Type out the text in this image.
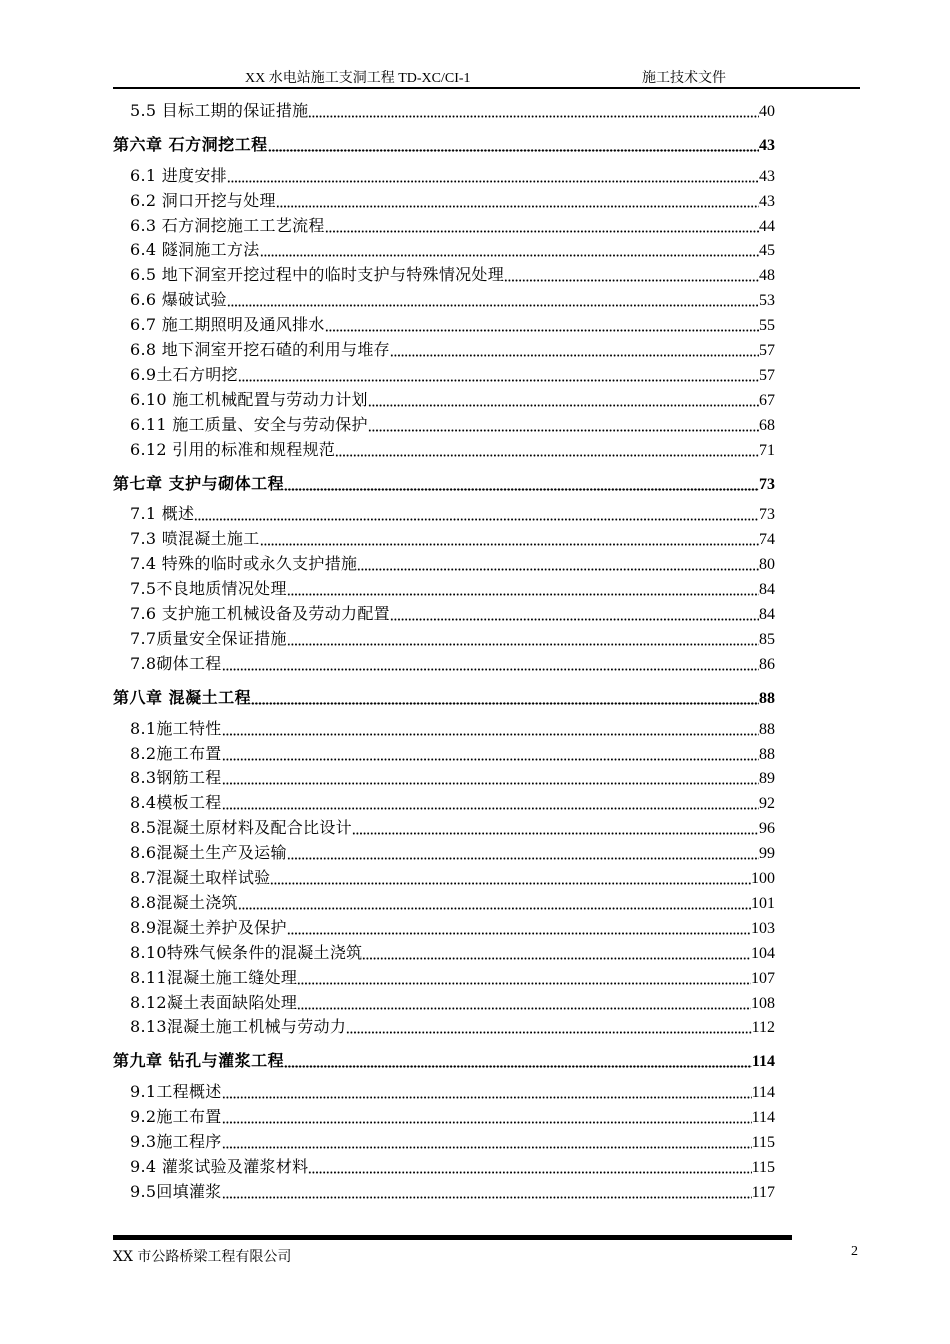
XX 水电站施工支洞工程 TD-XC/CI-1	施工技术文件
5.5 目标工期的保证措施	40
第六章 石方洞挖工程	43
6.1 进度安排	43
6.2 洞口开挖与处理	43
6.3 石方洞挖施工工艺流程	44
6.4 隧洞施工方法	45
6.5 地下洞室开挖过程中的临时支护与特殊情况处理	48
6.6 爆破试验	53
6.7 施工期照明及通风排水	55
6.8 地下洞室开挖石碴的利用与堆存	57
6.9土石方明挖	57
6.10 施工机械配置与劳动力计划	67
6.11 施工质量、安全与劳动保护	68
6.12 引用的标准和规程规范	71
第七章 支护与砌体工程	73
7.1 概述	73
7.3 喷混凝土施工	74
7.4 特殊的临时或永久支护措施	80
7.5不良地质情况处理	84
7.6 支护施工机械设备及劳动力配置	84
7.7质量安全保证措施	85
7.8砌体工程	86
第八章 混凝土工程	88
8.1施工特性	88
8.2施工布置	88
8.3钢筋工程	89
8.4模板工程	92
8.5混凝土原材料及配合比设计	96
8.6混凝土生产及运输	99
8.7混凝土取样试验	100
8.8混凝土浇筑	101
8.9混凝土养护及保护	103
8.10特殊气候条件的混凝土浇筑	104
8.11混凝土施工缝处理	107
8.12凝土表面缺陷处理	108
8.13混凝土施工机械与劳动力	112
第九章 钻孔与灌浆工程	114
9.1工程概述	114
9.2施工布置	114
9.3施工程序	115
9.4 灌浆试验及灌浆材料	115
9.5回填灌浆	117
XX 市公路桥梁工程有限公司	2
